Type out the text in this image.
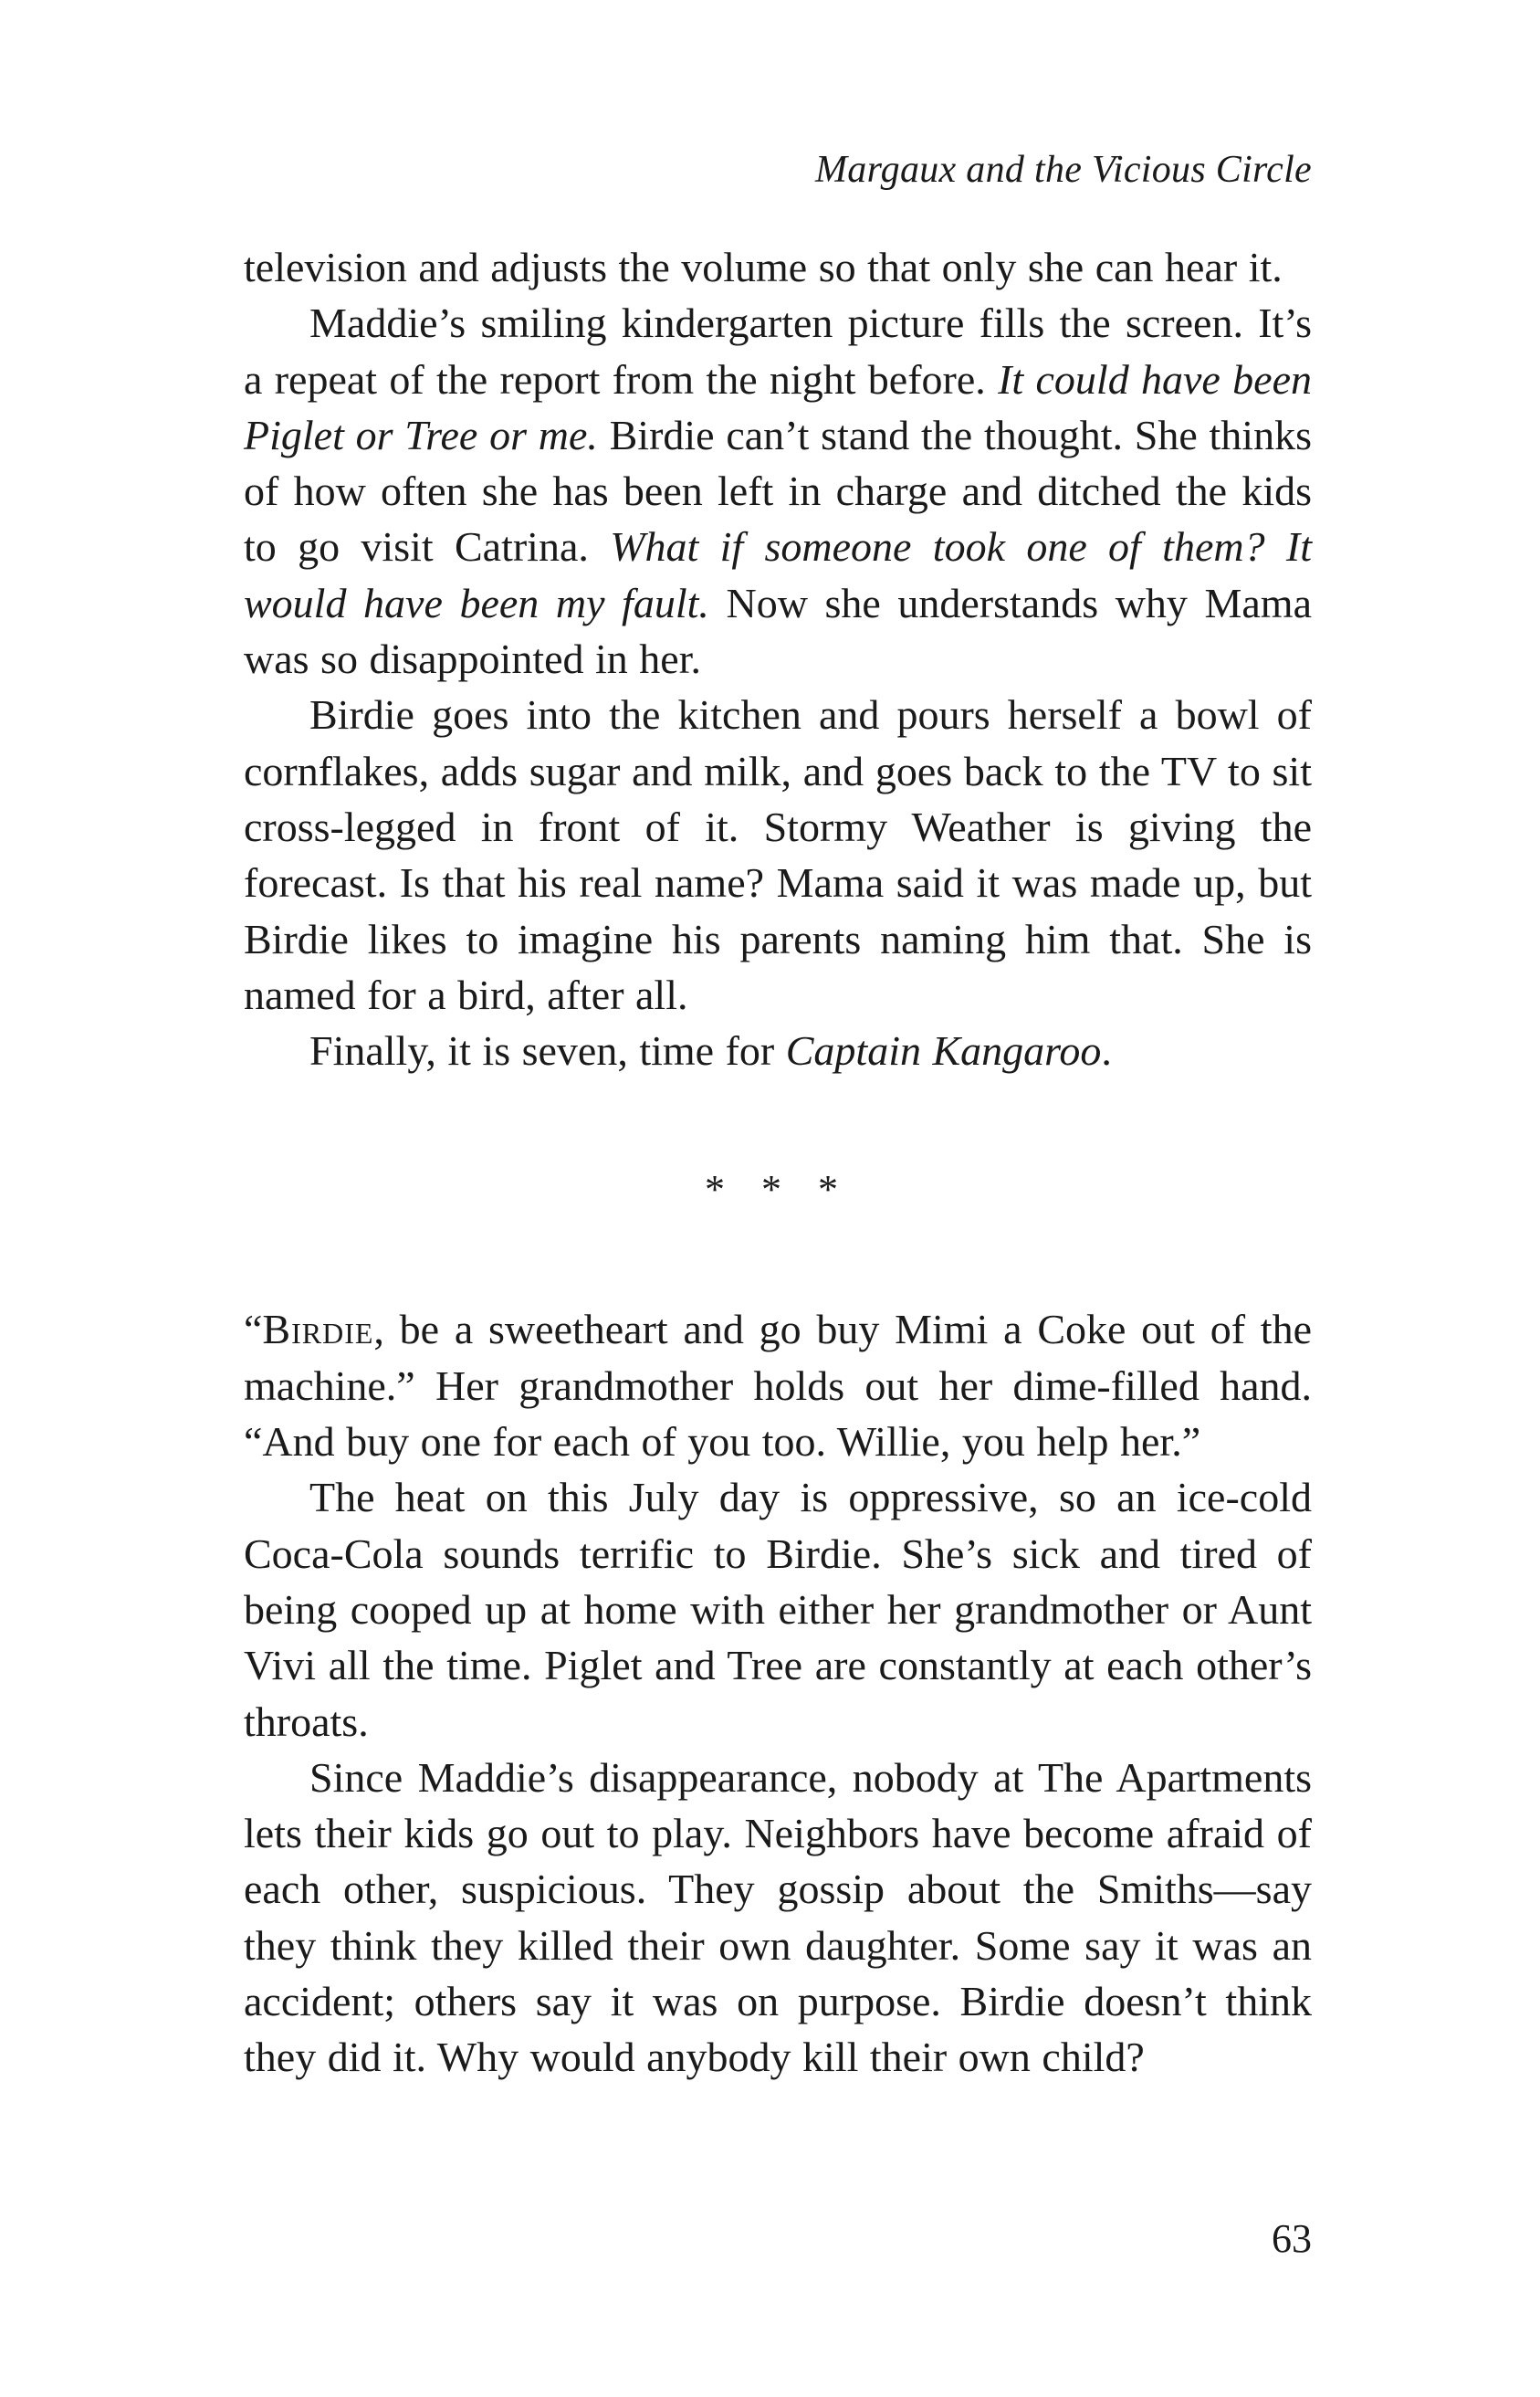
Margaux and the Vicious Circle

television and adjusts the volume so that only she can hear it.

Maddie’s smiling kindergarten picture fills the screen. It’s a repeat of the report from the night before. It could have been Piglet or Tree or me. Birdie can’t stand the thought. She thinks of how often she has been left in charge and ditched the kids to go visit Catrina. What if someone took one of them? It would have been my fault. Now she understands why Mama was so disappointed in her.

Birdie goes into the kitchen and pours herself a bowl of cornflakes, adds sugar and milk, and goes back to the TV to sit cross-legged in front of it. Stormy Weather is giving the forecast. Is that his real name? Mama said it was made up, but Birdie likes to imagine his parents naming him that. She is named for a bird, after all.

Finally, it is seven, time for Captain Kangaroo.

* * *

“Birdie, be a sweetheart and go buy Mimi a Coke out of the machine.” Her grandmother holds out her dime-filled hand. “And buy one for each of you too. Willie, you help her.”

The heat on this July day is oppressive, so an ice-cold Coca-Cola sounds terrific to Birdie. She’s sick and tired of being cooped up at home with either her grandmother or Aunt Vivi all the time. Piglet and Tree are constantly at each other’s throats.

Since Maddie’s disappearance, nobody at The Apartments lets their kids go out to play. Neighbors have become afraid of each other, suspicious. They gossip about the Smiths—say they think they killed their own daughter. Some say it was an accident; others say it was on purpose. Birdie doesn’t think they did it. Why would anybody kill their own child?

63
